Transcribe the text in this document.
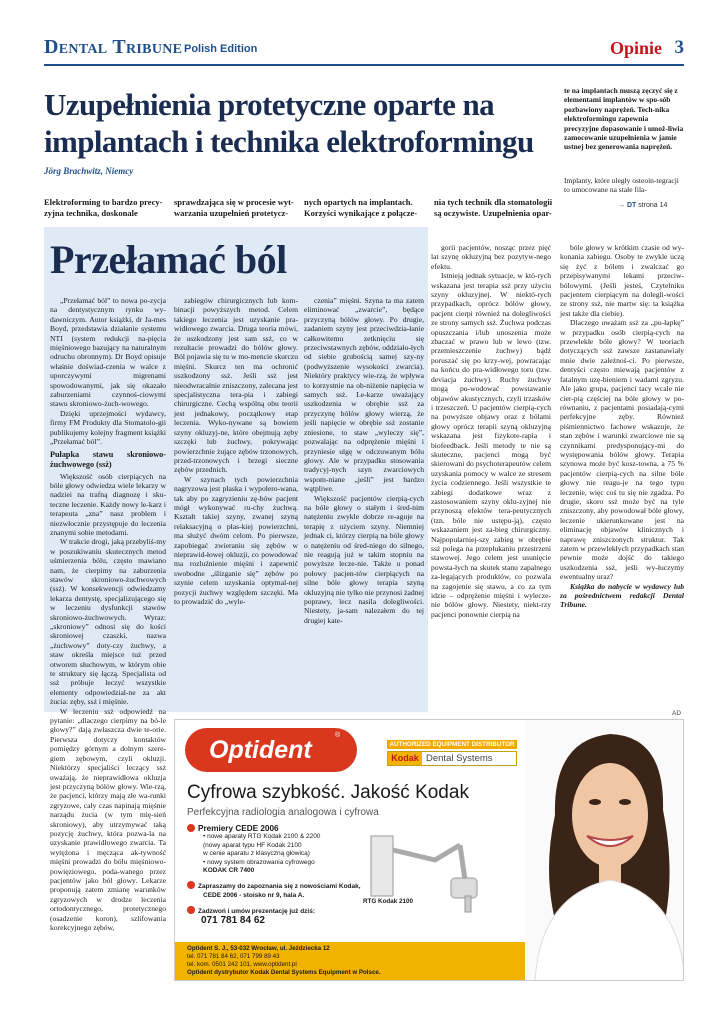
Dental Tribune Polish Edition	Opinie 3
Uzupełnienia protetyczne oparte na
implantach i technika elektroformingu
Jörg Brachwitz, Niemcy
Elektroforming to bardzo precy-zyjna technika, doskonale
sprawdzająca się w procesie wyt-warzania uzupełnień protetycz-
nych opartych na implantach. Korzyści wynikające z połącze-
nia tych technik dla stomatologii są oczywiste. Uzupełnienia opar-
te na implantach muszą zęczyć się z elementami implantów w spo-sób pozbawiony naprężeń. Tech-nika elektroformingu zapewnia precyzyjne dopasowanie i umoż-liwia zamocowanie uzupełnienia w jamie ustnej bez generowania naprężeń.
Implanty, które uległy osteoin-tegracji to umocowane na stałe fila-
→ DT strona 14
Przełamać ból

„Przełamać ból” to nowa po-zycja na dentystycznym rynku wy-dawniczym. Autor książki, dr Ja-mes Boyd, przedstawia działanie systemu NTI (system redukcji na-pięcia mięśniowego bazujący na naturalnym odruchu obronnym). Dr Boyd opisuje właśnie doświad-czenia w walce z uporczywymi migrenami spowodowanymi, jak się okazało zaburzeniami czynnoś-ciowymi stawu skroniowo-żuch-wowego.

Dzięki uprzejmości wydawcy, firmy FM Produkty dla Stomatolo-gii publikujemy kolejny fragment książki „Przełamać ból”.

Pułapka stawu skroniowo-żuchwowego (ssż)

Większość osób cierpiących na bóle głowy odwiedza wiele lekarzy w nadziei na trafną diagnozę i sku-teczne leczenie. Każdy nowy le-karz i terapeuta „zna” nasz problem i niezwłocznie przystępuje do leczenia znanymi sobie metodami.

W trakcie drogi, jaką przebyliś-my w poszukiwaniu skutecznych metod uśmierzenia bólu, często mawiano nam, że cierpimy na zaburzenia stawów skroniowo-żuchwowych (ssż). W konsekwencji odwiedzamy lekarza dentystę, specjalizującego się w leczeniu dysfunkcji stawów skroniowo-żuchwowych. Wyraz: „skroniowy” odnosi się do kości skroniowej czaszki, nazwa „żuchwowy” doty-czy żuchwy, a staw określa miejsce tuż przed otworem słuchowym, w którym obie te struktury się łączą. Specjalista od ssż próbuje leczyć wszystkie elementy odpowiedzial-ne za akt żucia: zęby, ssż i mięśnie.

W leczeniu ssż odpowiedź na pytanie: „dlaczego cierpimy na bó-le głowy?” dają zwłaszcza dwie te-orie. Pierwsza dotyczy kontaktów pomiędzy górnym a dolnym szere-giem zębowym, czyli okluzji. Niektórzy specjaliści leczący ssż uważają, że nieprawidłowa okluzja jest przyczyną bólów głowy. Wie-rzą, że pacjenci, którzy mają złe wa-runki zgryzowe, cały czas napinają mięśnie narządu żucia (w tym mię-sień skroniowy), aby utrzymywać taką pozycję żuchwy, która pozwa-la na uzyskanie prawidłowego zwarcia. Ta wytężona i męcząca ak-tywność mięśni prowadzi do bólu mięśniowo-powięziowego, poda-wanego przez pacjentów jako ból głowy. Lekarze proponują zatem zmianę warunków zgryzowych w drodze leczenia ortodontycznego, protetycznego (osadzenie koron), szlifowania korekcyjnego zębów,

zabiegów chirurgicznych lub kom-binacji powyższych metod. Celem takiego leczenia jest uzyskanie pra-widłowego zwarcia. Druga teoria mówi, że uszkodzony jest sam ssż, co w rezultacie prowadzi do bólów głowy. Ból pojawia się tu w mo-mencie skurczu mięśni. Skurcz ten ma ochronić uszkodzony ssż. Jeśli ssż jest nieodwracalnie zniszczony, zalecana jest specjalistyczna tera-pia i zabiegi chirurgiczne. Cechą wspólną obu teorii jest jednakowy, początkowy etap leczenia. Wyko-nywane są bowiem szyny okluzyj-ne, które obejmują zęby szczęki lub żuchwy, pokrywając powierzchnie żujące zębów trzonowych, przed-trzonowych i brzegi sieczne zębów przednich.

W szynach tych powierzchnia nagryzowa jest płaska i wypolero-wana, tak aby po zagryzieniu zę-bów pacjent mógł wykonywać ru-chy żuchwą. Kształt takiej szyny, zwanej szyną relaksacyjną o płas-kiej powierzchni, ma służyć dwóm celom. Po pierwsze, zapobiegać zwieraniu się zębów w nieprawid-łowej okluzji, co powodować ma rozluźnienie mięśni i zapewnić swobodne „ślizganie się” zębów po szynie celem uzyskania optymal-nej pozycji żuchwy względem szczęki. Ma to prowadzić do „wyle-

czenia” mięśni. Szyna ta ma zatem eliminować „zwarcie”, będące przyczyną bólów głowy. Po drugie, zadaniem szyny jest przeciwdzia-łanie całkowitemu zetknięciu się przeciwstawnych zębów, oddziało-łych od siebie grubością samej szy-ny (podwyższenie wysokości zwarcia). Niektóry praktycy wie-rzą, że wpływa to korzystnie na ob-niżenie napięcia w samych ssż. Le-karze uważający uszkodzenia w obrębie ssż za przyczynę bólów głowy wierzą, że jeśli napięcie w obrębie ssż zostanie zniesione, to staw „wyleczy się”, pozwalając na odprężenie mięśni i przyniesie ulgę w odczuwanym bólu głowy. Ale w przypadku stosowania tradycyj-nych szyn zwarciowych wspom-niane „jeśli” jest bardzo wątpliwe.

Większość pacjentów cierpią-cych na bóle głowy o stałym i śred-nim natężeniu zwykle dobrze re-aguje na terapię z użyciem szyny. Niemniej jednak ci, którzy cierpią na bóle głowy o natężeniu od śred-niego do silnego, nie reagują już w takim stopniu na powyższe lecze-nie. Także u ponad połowy pacjen-tów cierpiących na silne bóle głowy terapia szyną okluzyjną nie tylko nie przynosi żadnej poprawy, lecz nasila dolegliwości. Niestety, ja-sam nalezałem do tej drugiej kate-

gorii pacjentów, nosząc przez pięć lat szynę okluzyjną bez pozytyw-nego efektu.

Istnieją jednak sytuacje, w któ-rych wskazana jest terapia ssż przy użyciu szyny okluzyjnej. W niektó-rych przypadkach, oprócz bólów głowy, pacjent cierpi również na dolegliwości ze strony samych ssż. Żuchwa podczas opuszczania i/lub unoszenia może zbaczać w prawo lub w lewo (tzw. przemieszczenie żuchwy) bądź poruszać się po krzy-wej, powracając na końcu do pra-widłowego toru (tzw. deviacja żuchwy). Ruchy żuchwy mogą po-wodować powstawanie objawów akustycznych, czyli trzasków i trzeszczeń. U pacjentów cierpią-cych na powyższe objawy oraz z bólami głowy oprócz terapii szyną okluzyjną wskazana jest fizykote-rapia i biofeedback. Jeśli metody te nie są skuteczne, pacjenci mogą być skierowani do psychoterapeutów celem uzyskania pomocy w walce ze stresem życia codziennego. Jeśli wszystkie te zabiegi dodatkowe wraz z zastosowaniem szyny oklu-zyjnej nie przynoszą efektów tera-peutycznych (tzn. bóle nie ustępu-ją), często wskazaniem jest za-bieg chirurgiczny. Najpopularniej-szy zabieg w obrębie ssż polega na przepłukaniu przestrzeni stawowej. Jego celem jest usunięcie powsta-łych na skutek stanu zapalnego za-legających produktów, co pozwala na zagojenie się stawu, a co za tym idzie – odprężenie mięśni i wylecze-nie bólów głowy. Niestety, niekt-rzy pacjenci ponownie cierpią na

bóle głowy w krótkim czasie od wy-konania zabiegu. Osoby te zwykle uczą się żyć z bólem i zwalczać go przepisywanymi lekami przeciw-bólowymi. (Jeśli jesteś, Czytelniku pacjentem cierpiącym na dolegli-wości ze strony ssż, nie martw się: ta książka jest także dla ciebie).

Dlaczego uważam ssż za „pu-łapkę” w przypadku osób cierpią-cych na przewlekłe bóle głowy? W teoriach dotyczących ssż zawsze zastanawiały mnie dwie zależnoś-ci. Po pierwsze, dentyści często miewają pacjentów z fatalnym uzę-bieniem i wadami zgryzu. Ale jako grupa, pacjenci tacy wcale nie cier-pią częściej na bóle głowy w po-równaniu, z pacjentami posiadają-cymi perfekcyjne zęby. Również piśmiennictwo fachowe wskazuje, że stan zębów i warunki zwarciowe nie są czynnikami predysponujący-mi do występowania bólów głowy. Terapia szynowa może być kosz-towna, a 75 % pacjentów cierpią-cych na silne bóle głowy nie reagu-je na tego typu leczenie, więc coś tu się nie zgadza. Po drugie, skoro ssż może być na tyle zniszczony, aby powodował bóle głowy, leczenie ukierunkowane jest na eliminację objawów klinicznych i naprawę zniszczonych struktur. Tak zatem w przewlekłych przypadkach stan pewnie może dojść do takiego uszkodzenia ssż, jeśli wy-łuczymy ewentualny uraz?

Książka do nabycie w wydawcy lub za pośrednictwem redakcji Dental Tribune.

AD
Optident
®
AUTHORIZED EQUIPMENT DISTRIBUTOR
Kodak Dental Systems
Cyfrowa szybkość. Jakość Kodak
Perfekcyjna radiologia analogowa i cyfrowa
Premiery CEDE 2006
• nowe aparaty RTG Kodak 2100 & 2200
(nowy aparat typu HF Kodak 2100
w cenie aparatu z klasyczną głowicą)
• nowy system obrazowania cyfrowego
KODAK CR 7400
Zapraszamy do zapoznania się z nowościami Kodak,
CEDE 2006 - stoisko nr 9, hala A.
Zadzwoń i umów prezentację już dziś:
071 781 84 62
RTG Kodak 2100
Optident S. J., 53-032 Wrocław, ul. Jeździecka 12
tel. 071 781 84 62, 071 799 89 43
tel. kom. 0501 242 101, www.optident.pl
Optident dystrybutor Kodak Dental Systems Equipment w Polsce.
